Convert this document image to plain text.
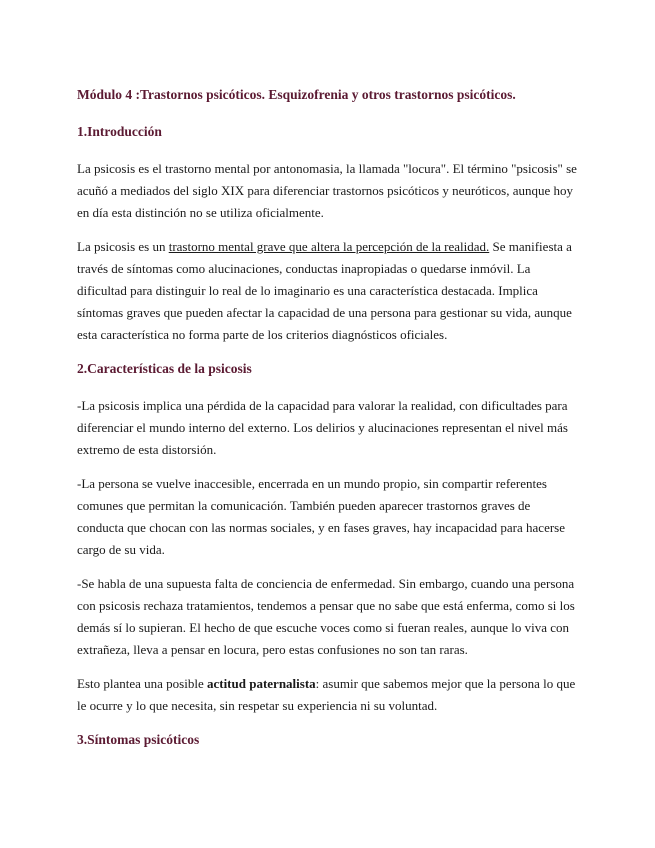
Módulo 4 :Trastornos psicóticos. Esquizofrenia y otros trastornos psicóticos.
1.Introducción

La psicosis es el trastorno mental por antonomasia, la llamada "locura". El término "psicosis" se acuñó a mediados del siglo XIX para diferenciar trastornos psicóticos y neuróticos, aunque hoy en día esta distinción no se utiliza oficialmente.

La psicosis es un trastorno mental grave que altera la percepción de la realidad. Se manifiesta a través de síntomas como alucinaciones, conductas inapropiadas o quedarse inmóvil. La dificultad para distinguir lo real de lo imaginario es una característica destacada. Implica síntomas graves que pueden afectar la capacidad de una persona para gestionar su vida, aunque esta característica no forma parte de los criterios diagnósticos oficiales.

2.Características de la psicosis

-La psicosis implica una pérdida de la capacidad para valorar la realidad, con dificultades para diferenciar el mundo interno del externo. Los delirios y alucinaciones representan el nivel más extremo de esta distorsión.

-La persona se vuelve inaccesible, encerrada en un mundo propio, sin compartir referentes comunes que permitan la comunicación. También pueden aparecer trastornos graves de conducta que chocan con las normas sociales, y en fases graves, hay incapacidad para hacerse cargo de su vida.

-Se habla de una supuesta falta de conciencia de enfermedad. Sin embargo, cuando una persona con psicosis rechaza tratamientos, tendemos a pensar que no sabe que está enferma, como si los demás sí lo supieran. El hecho de que escuche voces como si fueran reales, aunque lo viva con extrañeza, lleva a pensar en locura, pero estas confusiones no son tan raras.

Esto plantea una posible actitud paternalista: asumir que sabemos mejor que la persona lo que le ocurre y lo que necesita, sin respetar su experiencia ni su voluntad.

3.Síntomas psicóticos
